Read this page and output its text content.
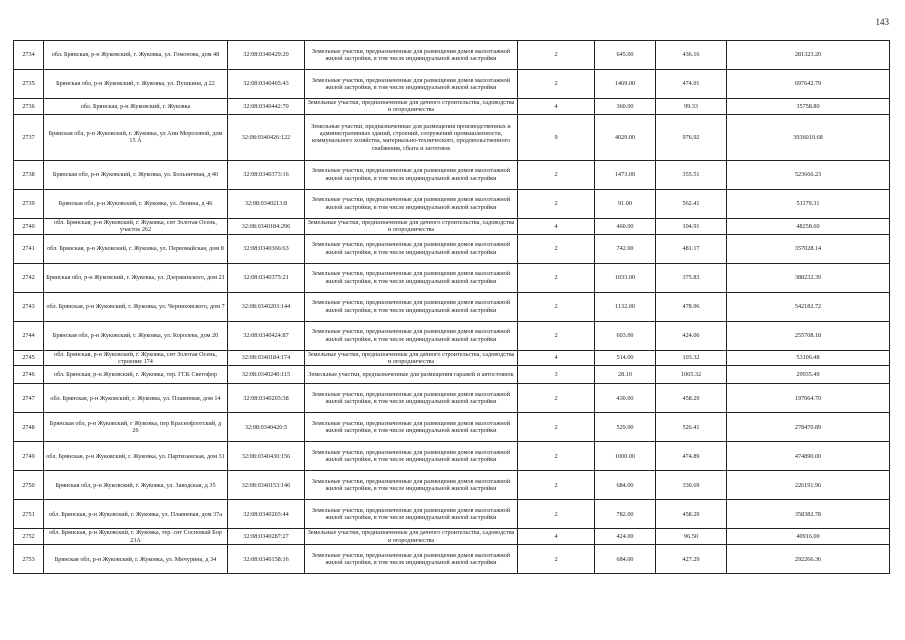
143
2734	обл. Брянская, р-н Жуковский, г. Жуковка, ул. Гомонова, дом 48	32:08:0340429:20	Земельные участки, предназначенные для размещения домов малоэтажной жилой застройки, в том числе индивидуальной жилой застройки	2	645.00	436.16	281323.20
2735	Брянская обл, р-н Жуковский, г. Жуковка, ул. Пушкина, д 22	32:08:0340465:43	Земельные участки, предназначенные для размещения домов малоэтажной жилой застройки, в том числе индивидуальной жилой застройки	2	1469.00	474.91	697642.79
2736	обл. Брянская, р-н Жуковский, г. Жуковка	32:08:0340442:70	Земельные участки, предназначенные для дачного строительства, садоводства и огородничества	4	360.00	99.33	35758.80
2737	Брянская обл, р-н Жуковский, г. Жуковка, ул Ани Морозовой, дом 15 А	32:08:0340426:122	Земельные участки, предназначенные для размещения производственных и административных зданий, строений, сооружений промышленности, коммунального хозяйства, материально-технического, продовольственного снабжения, сбыта и заготовок	9	4029.00	976.92	3936010.68
2738	Брянская обл, р-н Жуковский, г. Жуковка, ул. Больничная, д 40	32:08:0340373:16	Земельные участки, предназначенные для размещения домов малоэтажной жилой застройки, в том числе индивидуальной жилой застройки	2	1473.00	355.51	523666.23
2739	Брянская обл, р-н Жуковский, г. Жуковка, ул. Ленина, д 46	32:08:0340213:8	Земельные участки, предназначенные для размещения домов малоэтажной жилой застройки, в том числе индивидуальной жилой застройки	2	91.00	562.41	51179.31
2740	обл. Брянская, р-н Жуковский, г. Жуковка, снт Золотая Осень, участок 262	32:08:0340184:296	Земельные участки, предназначенные для дачного строительства, садоводства и огородничества	4	460.00	104.91	48258.60
2741	обл. Брянская, р-н Жуковский, г. Жуковка, ул. Первомайская, дом 8	32:08:0340366:63	Земельные участки, предназначенные для размещения домов малоэтажной жилой застройки, в том числе индивидуальной жилой застройки	2	742.00	481.17	357028.14
2742	Брянская обл, р-н Жуковский, г. Жуковка, ул. Дзержинского, дом 21	32:08:0340375:21	Земельные участки, предназначенные для размещения домов малоэтажной жилой застройки, в том числе индивидуальной жилой застройки	2	1033.00	375.83	388232.39
2743	обл. Брянская, р-н Жуковский, г. Жуковка, ул. Черняховского, дом 7	32:08:0340203:144	Земельные участки, предназначенные для размещения домов малоэтажной жилой застройки, в том числе индивидуальной жилой застройки	2	1132.00	478.96	542182.72
2744	Брянская обл, р-н Жуковский, г. Жуковка, ул. Королева, дом 20	32:08:0340424:87	Земельные участки, предназначенные для размещения домов малоэтажной жилой застройки, в том числе индивидуальной жилой застройки	2	603.00	424.06	255708.18
2745	обл. Брянская, р-н Жуковский, г. Жуковка, снт Золотая Осень, строение 174	32:08:0340184:174	Земельные участки, предназначенные для дачного строительства, садоводства и огородничества	4	514.00	103.32	53106.48
2746	обл. Брянская, р-н Жуковский, г. Жуковка, тер. ГСК Светофор	32:08:0340240:115	Земельные участки, предназначенные для размещения гаражей и автостоянок	3	28.10	1065.32	29935.49
2747	обл. Брянская, р-н Жуковский, г. Жуковка, ул. Плавневая, дом 14	32:08:0340203:38	Земельные участки, предназначенные для размещения домов малоэтажной жилой застройки, в том числе индивидуальной жилой застройки	2	430.00	458.29	197064.70
2748	Брянская обл, р-н Жуковский, г Жуковка, пер Краснофлотский, д 26	32:08:0340420:5	Земельные участки, предназначенные для размещения домов малоэтажной жилой застройки, в том числе индивидуальной жилой застройки	2	529.00	526.41	278470.89
2749	обл. Брянская, р-н Жуковский, г. Жуковка, ул. Партизанская, дом 31	32:08:0340430:156	Земельные участки, предназначенные для размещения домов малоэтажной жилой застройки, в том числе индивидуальной жилой застройки	2	1000.00	474.89	474890.00
2750	Брянская обл, р-н Жуковский, г. Жуковка, ул. Заводская, д 35	32:08:0340153:146	Земельные участки, предназначенные для размещения домов малоэтажной жилой застройки, в том числе индивидуальной жилой застройки	2	684.00	330.69	226191.96
2751	обл. Брянская, р-н Жуковский, г. Жуковка, ул. Плавневая, дом 37а	32:08:0340203:44	Земельные участки, предназначенные для размещения домов малоэтажной жилой застройки, в том числе индивидуальной жилой застройки	2	782.00	458.29	358382.78
2752	обл. Брянская, р-н Жуковский, г. Жуковка, тер. снт Сосновый Бор 23А	32:08:0340287:27	Земельные участки, предназначенные для дачного строительства, садоводства и огородничества	4	424.00	96.50	40916.00
2753	Брянская обл, р-н Жуковский, г. Жуковка, ул. Мичурина, д 34	32:08:0340158:16	Земельные участки, предназначенные для размещения домов малоэтажной жилой застройки, в том числе индивидуальной жилой застройки	2	684.00	427.29	292266.36
